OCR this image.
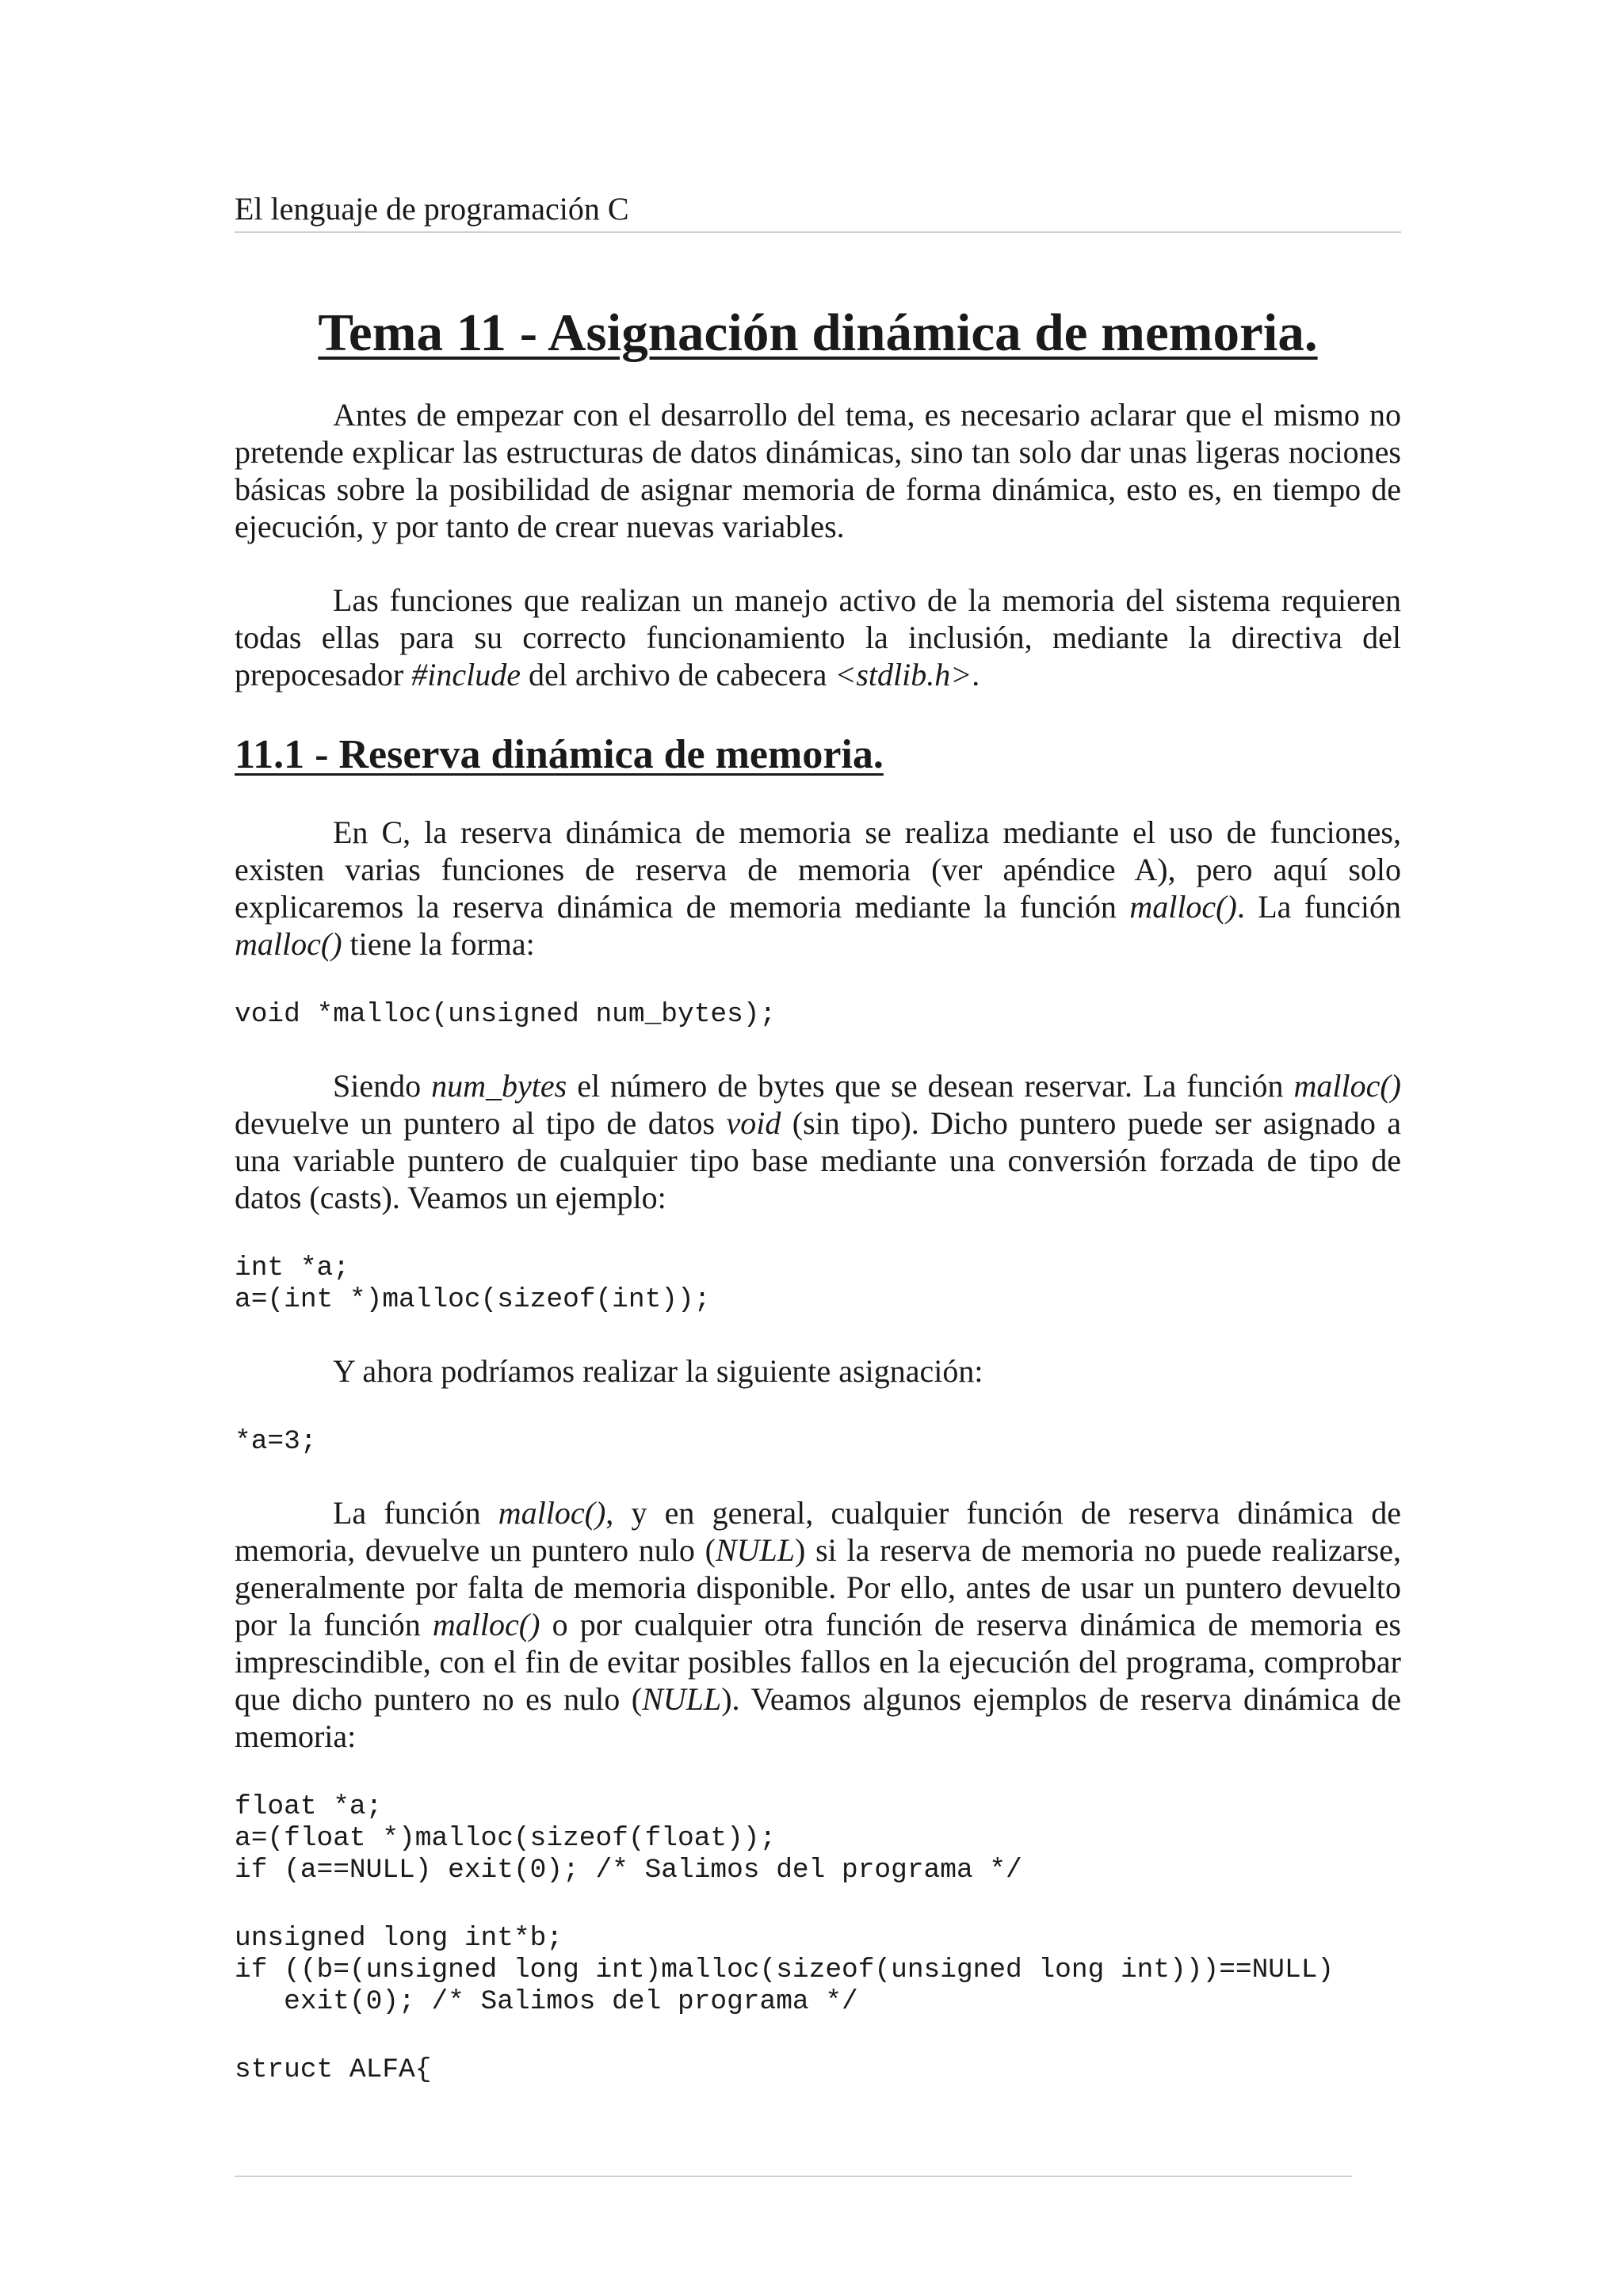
El lenguaje de programación C
Tema 11 - Asignación dinámica de memoria.

Antes de empezar con el desarrollo del tema, es necesario aclarar que el mismo no pretende explicar las estructuras de datos dinámicas, sino tan solo dar unas ligeras nociones básicas sobre la posibilidad de asignar memoria de forma dinámica, esto es, en tiempo de ejecución, y por tanto de crear nuevas variables.

Las funciones que realizan un manejo activo de la memoria del sistema requieren todas ellas para su correcto funcionamiento la inclusión, mediante la directiva del prepocesador #include del archivo de cabecera <stdlib.h>.

11.1 - Reserva dinámica de memoria.

En C, la reserva dinámica de memoria se realiza mediante el uso de funciones, existen varias funciones de reserva de memoria (ver apéndice A), pero aquí solo explicaremos la reserva dinámica de memoria mediante la función malloc(). La función malloc() tiene la forma:

void *malloc(unsigned num_bytes);

Siendo num_bytes el número de bytes que se desean reservar. La función malloc() devuelve un puntero al tipo de datos void (sin tipo). Dicho puntero puede ser asignado a una variable puntero de cualquier tipo base mediante una conversión forzada de tipo de datos (casts). Veamos un ejemplo:

int *a;
a=(int *)malloc(sizeof(int));

Y ahora podríamos realizar la siguiente asignación:

*a=3;

La función malloc(), y en general, cualquier función de reserva dinámica de memoria, devuelve un puntero nulo (NULL) si la reserva de memoria no puede realizarse, generalmente por falta de memoria disponible. Por ello, antes de usar un puntero devuelto por la función malloc() o por cualquier otra función de reserva dinámica de memoria es imprescindible, con el fin de evitar posibles fallos en la ejecución del programa, comprobar que dicho puntero no es nulo (NULL). Veamos algunos ejemplos de reserva dinámica de memoria:

float *a;
a=(float *)malloc(sizeof(float));
if (a==NULL) exit(0); /* Salimos del programa */
unsigned long int*b;
if ((b=(unsigned long int)malloc(sizeof(unsigned long int)))==NULL)
exit(0); /* Salimos del programa */
struct ALFA{
